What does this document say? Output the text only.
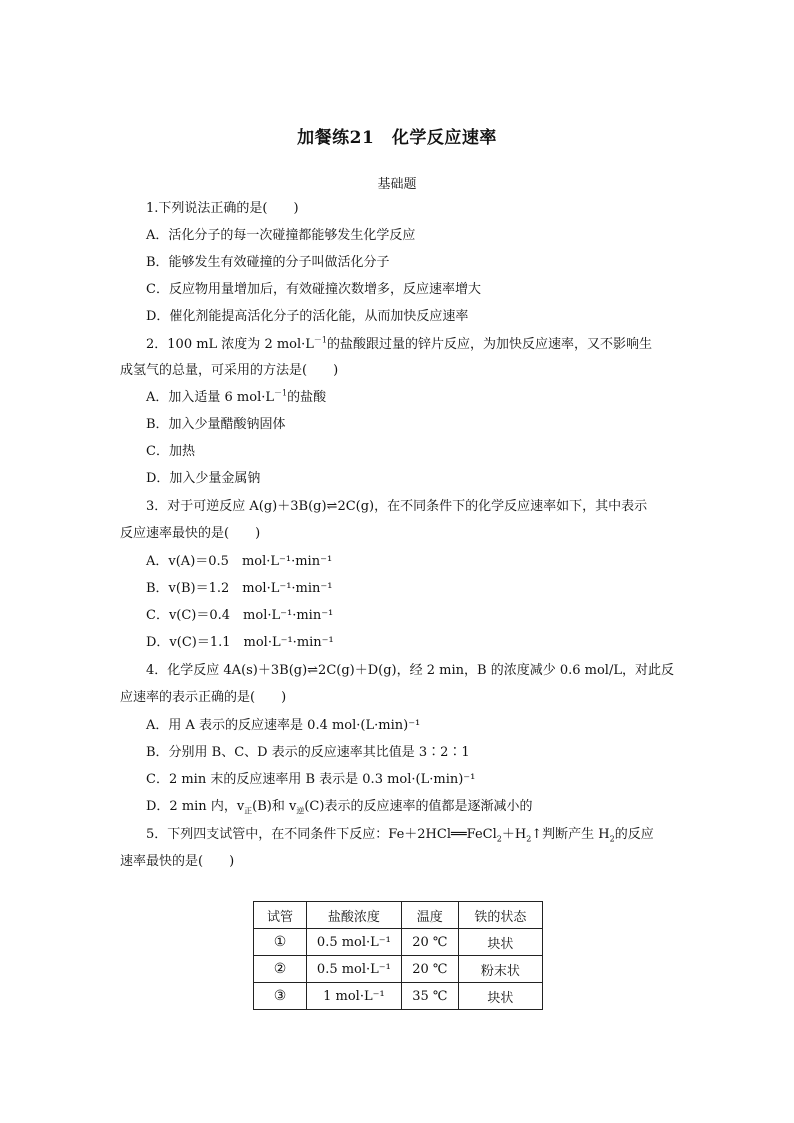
加餐练21　化学反应速率
基础题
1.下列说法正确的是(　　)
A．活化分子的每一次碰撞都能够发生化学反应
B．能够发生有效碰撞的分子叫做活化分子
C．反应物用量增加后，有效碰撞次数增多，反应速率增大
D．催化剂能提高活化分子的活化能，从而加快反应速率
2．100 mL 浓度为 2 $mol\cdot L^{-1}$的盐酸跟过量的锌片反应，为加快反应速率，又不影响生
成氢气的总量，可采用的方法是(　　)
A．加入适量 6 $mol\cdot L^{-1}$的盐酸
B．加入少量醋酸钠固体
C．加热
D．加入少量金属钠
3．对于可逆反应 A(g)＋3B(g)⇌2C(g)，在不同条件下的化学反应速率如下，其中表示
反应速率最快的是(　　)
A．v(A)＝0.5　mol·L⁻¹·min⁻¹
B．v(B)＝1.2　mol·L⁻¹·min⁻¹
C．v(C)＝0.4　mol·L⁻¹·min⁻¹
D．v(C)＝1.1　mol·L⁻¹·min⁻¹
4．化学反应 4A(s)＋3B(g)⇌2C(g)＋D(g)，经 2 min，B 的浓度减少 0.6 mol/L，对此反
应速率的表示正确的是(　　)
A．用 A 表示的反应速率是 0.4 mol·(L·min)⁻¹
B．分别用 B、C、D 表示的反应速率其比值是 3∶2∶1
C．2 min 末的反应速率用 B 表示是 0.3 mol·(L·min)⁻¹
D．2 min 内，$v_正(B)$和 $v_逆(C)$表示的反应速率的值都是逐渐减小的
5．下列四支试管中，在不同条件下反应：$Fe+2HCl══FeCl_2+H_2↑$判断产生 $H_2$的反应
速率最快的是(　　)
试管	盐酸浓度	温度	铁的状态
①	0.5 mol·L⁻¹	20 ℃	块状
②	0.5 mol·L⁻¹	20 ℃	粉末状
③	1 mol·L⁻¹	35 ℃	块状
